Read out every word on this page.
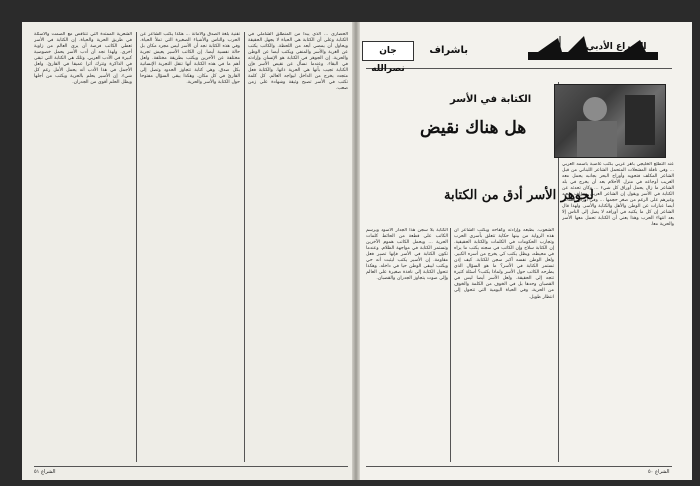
الحضاري ... الذي يبدأ من المنطلق الشاملي في الكتابة وعلى أن الكتابة هي الحياة لا يجهل الحقيقة ويحاول أن يمضي أبعد من اللحظة. والكاتب يكتب عن الغربة والأسر والمنفى ويكتب أيضا عن الوطن والحرية. إن الجوهر في الكتابة هو الإنسان وإرادته في البقاء. وعندما نسأل عن نقيض الأسر فإن الكتابة تجيب بأنها هي الحرية ذاتها. والكتابة فعل متجدد يخرج من الداخل ليواجه العالم. كل كلمة تكتب في الأسر تصبح وثيقة وشهادة على زمن صعب.
تقنية بلغة الصدق والأمانة ... هكذا يكتب الشاعر عن الحرب والناس والأشياء الصغيرة التي تملأ الحياة. وفي هذه الكتابة نجد أن الأسر ليس مجرد مكان بل حالة نفسية أيضا. إن الكاتب الأسير يعيش تجربة مختلفة عن الآخرين ويكتب بطريقة مختلفة. ولعل أهم ما في هذه الكتابة أنها تنقل التجربة الإنسانية بكل صدق. وهي كتابة تتجاوز الحدود وتصل إلى القارئ في كل مكان. وهكذا يبقى السؤال مفتوحا حول الكتابة والأسر والحرية.
الشعرية الممتدة التي تتناقض مع الصمت والأسئلة في طريق الحرية والحياة. إن الكتابة في الأسر تعطي الكاتب فرصة أن يرى العالم من زاوية أخرى. ولهذا نجد أن أدب الأسر يحمل خصوصية كبيرة في الأدب العربي. وتلك هي الكتابة التي تبقى في الذاكرة وتترك أثرا عميقا في القارئ. ولعل الأجمل في هذا الأدب أنه يحمل الأمل رغم كل شيء. إن الأسير يحلم بالحرية ويكتب من أجلها ويظل الحلم أقوى من الجدران.
الشراع ٥١
عند التطلع الخليجي باهر عربي بكثب غاضبة باسمه العربي ... وفي نافلة المشعلات المتحمل الشاعر اللبناني من قبل الشاعر المكلف فتحويه وأوراح البحر بجانبه يحمل معه الغريب أوجاعه في منزل الأحلام بعد أن يخرج في بلد الشاعر ما زال يحمل أوراق كل شيء ... وكان تحدثه عن الكتابة في الأسر ويقول إن الشاعر العربي ومؤلف سعيد وغيرهم على الرغم من صغر حجمها ... وفي أوراق الشاعر أيضا عبارات عن الوطن والأهل والكتابة والأسر. ولهذا قال الشاعر إن كل ما يكتبه في أوراقه لا يصل إلى الناس إلا بعد انتهاء الحرب وهذا يعني أن الكتابة تحمل معها الأسر والحرية معا.
الشعوب. بطبعه وإرادته وكفاحه ويكتب الشاعر أن هذه الرواية من بينها حكاية تتعلق بأسرى الحرب وتجارب الحكومات في الكلمات والكتابة الحقيقية. إن الكتابة سلاح وإن الكاتب في سجنه يكتب ما يراه في محيطه، ويظل يكتب كي يخرج من أسره الكبير. ولعل الوطن نفسه أكبر سجن للكتابة. كيف إذن تستمر الكتابة في الأسر؟ ما هو السؤال الذي يطرحه الكاتب حول الأسر ولماذا يكتب؟ أسئلة كثيرة تتجه إلى الحقيقة. ولعل الأسر أيضا ليس في القضبان وحدها بل في الخوف من الكلمة والخوف من الحرية، وفي الحياة اليومية التي تتحول إلى انتظار طويل.
الكتابة بلا سجن هذا الجدار الأسود ويرسم الكاتب على قطعة من الحائط كلمات الحرية ... ويحمل الكاتب هموم الآخرين وتستمر الكتابة في مواجهة الظلام. وعندما تكون الكتابة في الأسر فإنها تصير فعل مقاومة. إن الأسير يكتب ليثبت أنه حي ويكتب ليبقى الوطن حيا في داخله. وهكذا تتحول الكتابة إلى نافذة صغيرة على العالم وإلى صوت يتجاوز الجدران والقضبان.
الشراع ٥٠
الشراع الأدبي
باشراف
جان نصرالله
الكتابة في الأسر
هل هناك نقيض
لجوهر الأسر أدق من الكتابة
